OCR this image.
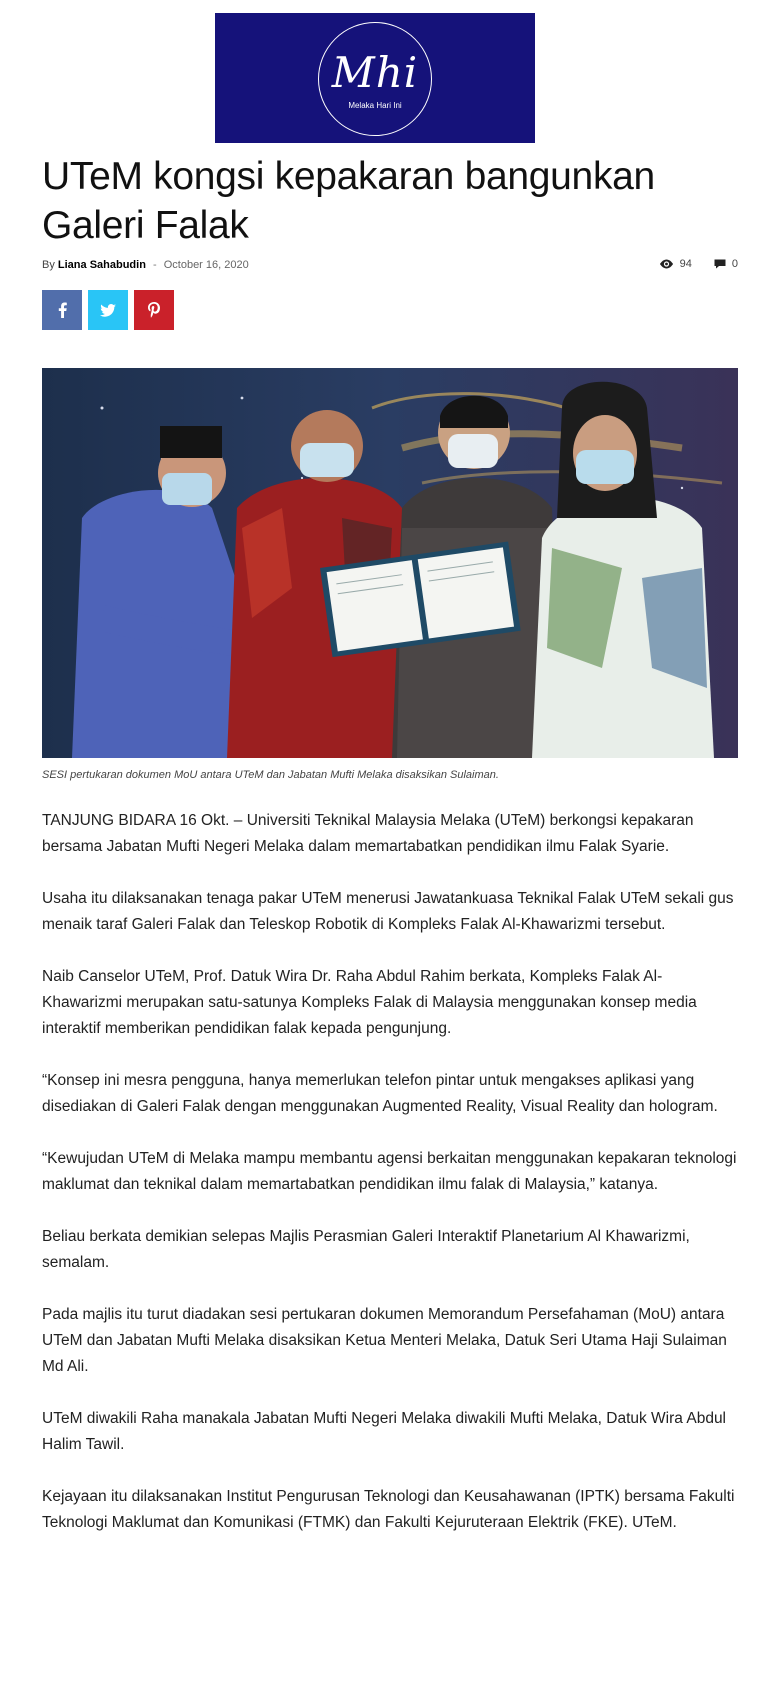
Mhi
Melaka Hari Ini
UTeM kongsi kepakaran bangunkan Galeri Falak
By Liana Sahabudin - October 16, 2020	94	0
SESI pertukaran dokumen MoU antara UTeM dan Jabatan Mufti Melaka disaksikan Sulaiman.

TANJUNG BIDARA 16 Okt. – Universiti Teknikal Malaysia Melaka (UTeM) berkongsi kepakaran bersama Jabatan Mufti Negeri Melaka dalam memartabatkan pendidikan ilmu Falak Syarie.

Usaha itu dilaksanakan tenaga pakar UTeM menerusi Jawatankuasa Teknikal Falak UTeM sekali gus menaik taraf Galeri Falak dan Teleskop Robotik di Kompleks Falak Al-Khawarizmi tersebut.

Naib Canselor UTeM, Prof. Datuk Wira Dr. Raha Abdul Rahim berkata, Kompleks Falak Al-Khawarizmi merupakan satu-satunya Kompleks Falak di Malaysia menggunakan konsep media interaktif memberikan pendidikan falak kepada pengunjung.

“Konsep ini mesra pengguna, hanya memerlukan telefon pintar untuk mengakses aplikasi yang disediakan di Galeri Falak dengan menggunakan Augmented Reality, Visual Reality dan hologram.

“Kewujudan UTeM di Melaka mampu membantu agensi berkaitan menggunakan kepakaran teknologi maklumat dan teknikal dalam memartabatkan pendidikan ilmu falak di Malaysia,” katanya.

Beliau berkata demikian selepas Majlis Perasmian Galeri Interaktif Planetarium Al Khawarizmi, semalam.

Pada majlis itu turut diadakan sesi pertukaran dokumen Memorandum Persefahaman (MoU) antara UTeM dan Jabatan Mufti Melaka disaksikan Ketua Menteri Melaka, Datuk Seri Utama Haji Sulaiman Md Ali.

UTeM diwakili Raha manakala Jabatan Mufti Negeri Melaka diwakili Mufti Melaka, Datuk Wira Abdul Halim Tawil.

Kejayaan itu dilaksanakan Institut Pengurusan Teknologi dan Keusahawanan (IPTK) bersama Fakulti Teknologi Maklumat dan Komunikasi (FTMK) dan Fakulti Kejuruteraan Elektrik (FKE). UTeM.
